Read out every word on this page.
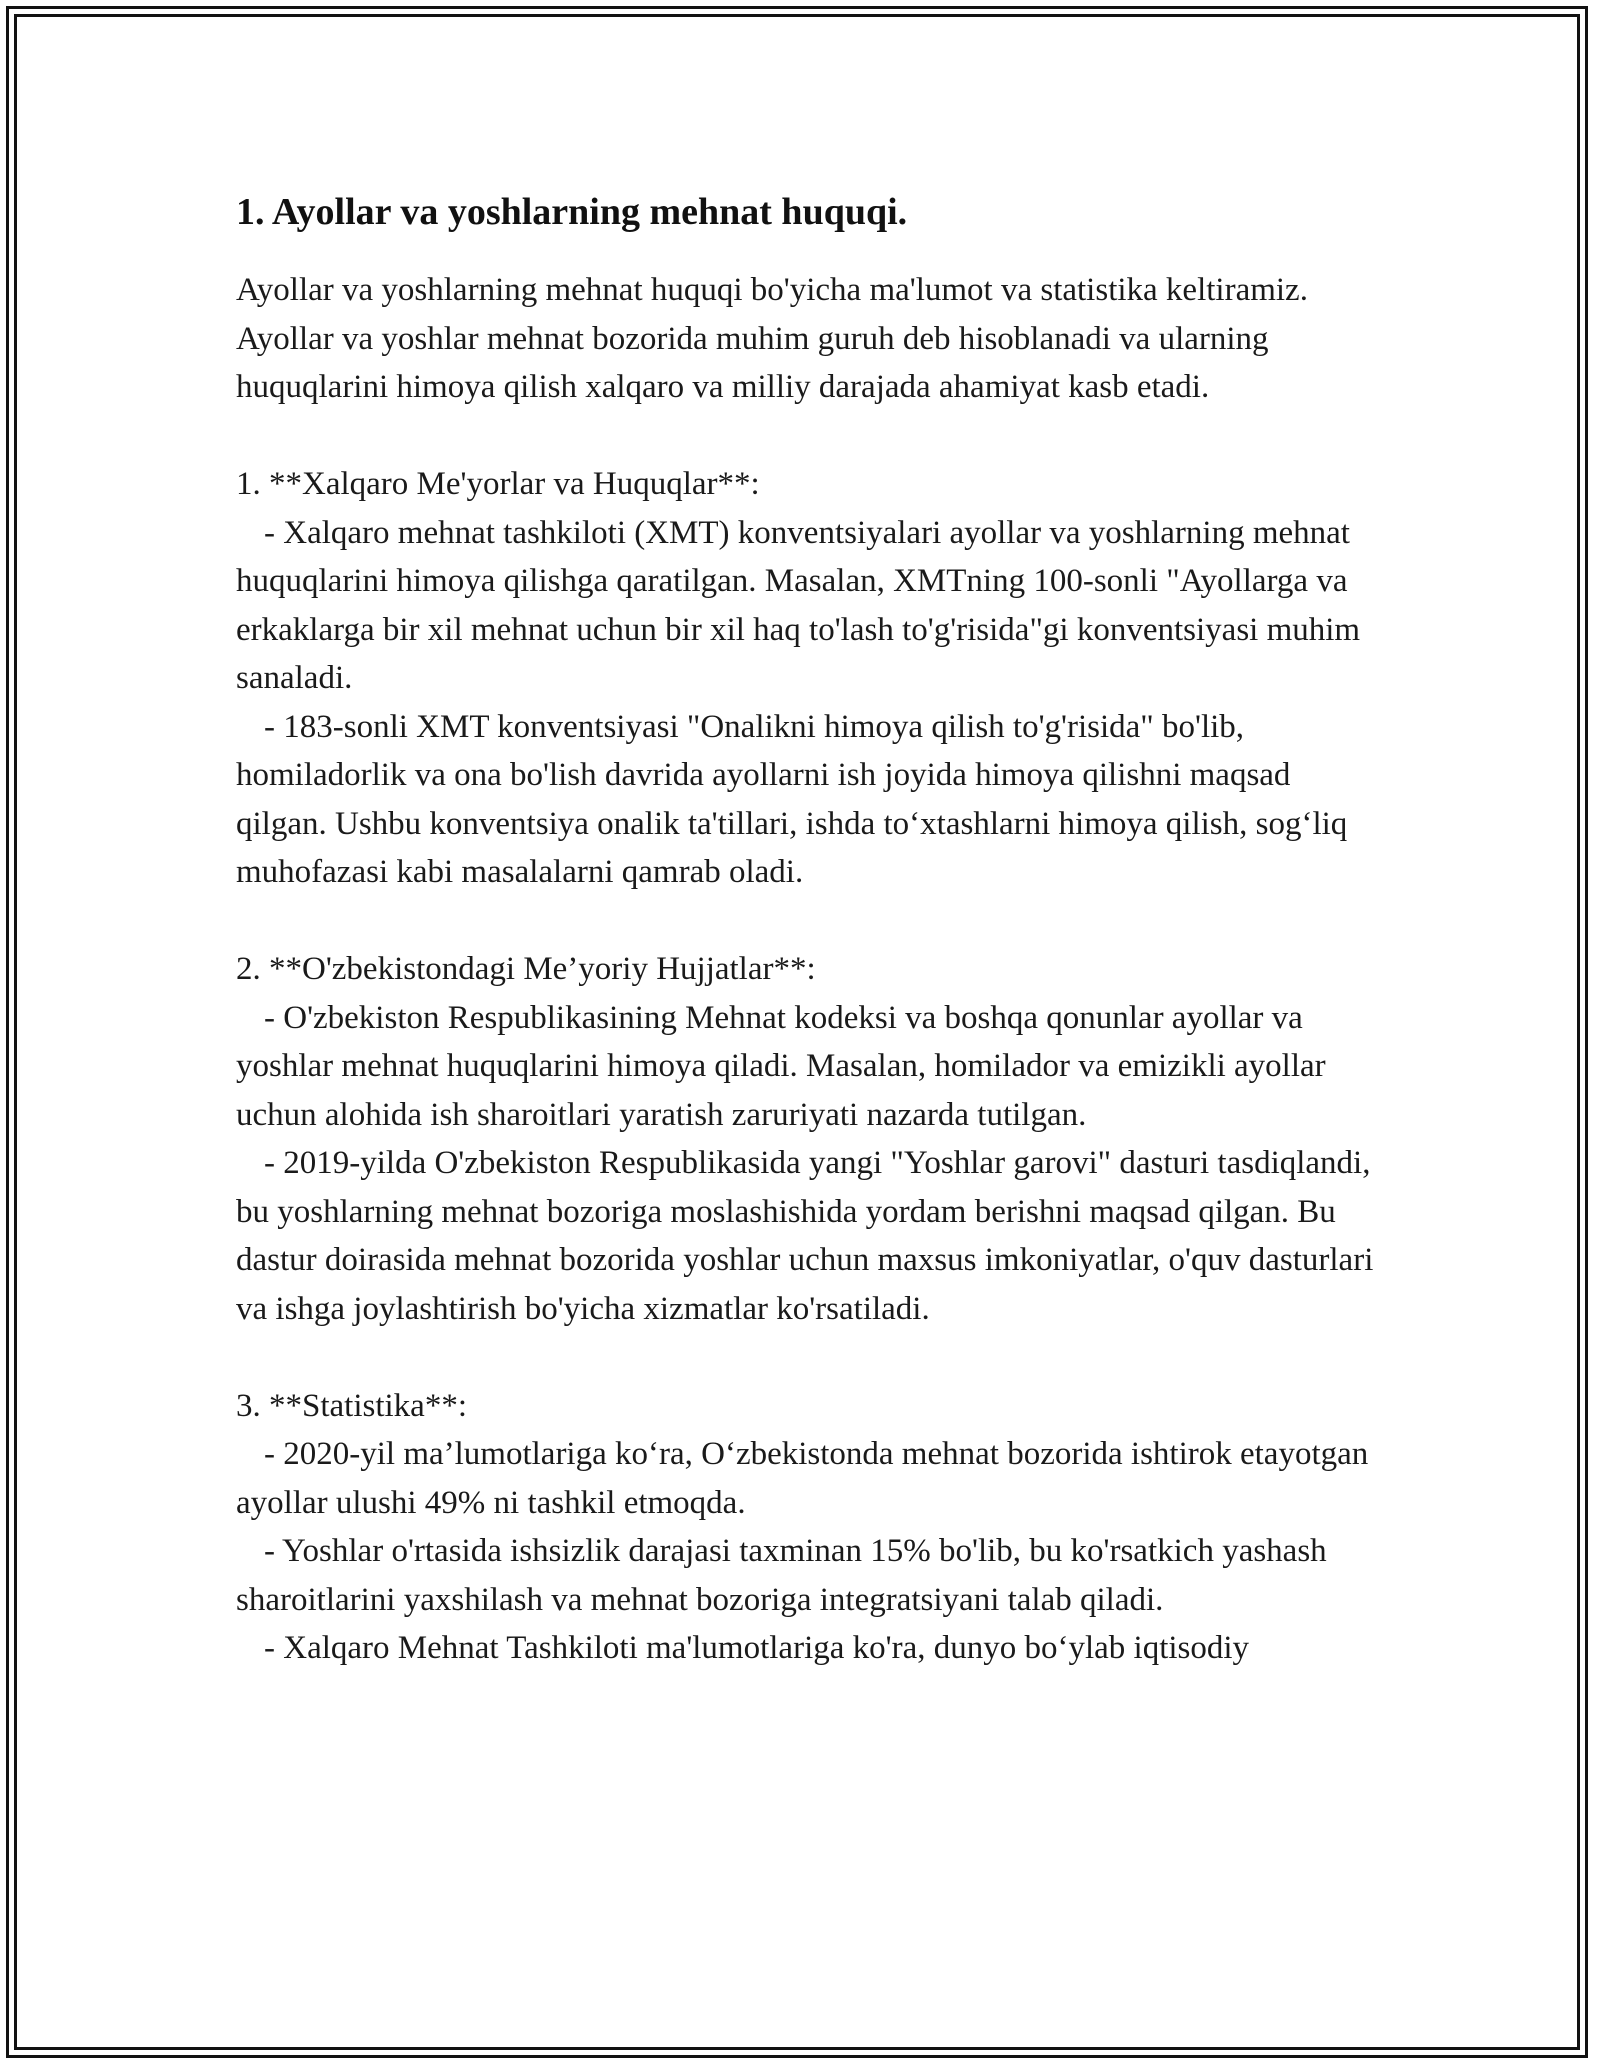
1. Ayollar va yoshlarning mehnat huquqi.

Ayollar va yoshlarning mehnat huquqi bo'yicha ma'lumot va statistika keltiramiz. Ayollar va yoshlar mehnat bozorida muhim guruh deb hisoblanadi va ularning huquqlarini himoya qilish xalqaro va milliy darajada ahamiyat kasb etadi.

1. **Xalqaro Me'yorlar va Huquqlar**:

- Xalqaro mehnat tashkiloti (XMT) konventsiyalari ayollar va yoshlarning mehnat huquqlarini himoya qilishga qaratilgan. Masalan, XMTning 100-sonli "Ayollarga va erkaklarga bir xil mehnat uchun bir xil haq to'lash to'g'risida"gi konventsiyasi muhim sanaladi.

- 183-sonli XMT konventsiyasi "Onalikni himoya qilish to'g'risida" bo'lib, homiladorlik va ona bo'lish davrida ayollarni ish joyida himoya qilishni maqsad qilgan. Ushbu konventsiya onalik ta'tillari, ishda to‘xtashlarni himoya qilish, sog‘liq muhofazasi kabi masalalarni qamrab oladi.

2. **O'zbekistondagi Me’yoriy Hujjatlar**:

- O'zbekiston Respublikasining Mehnat kodeksi va boshqa qonunlar ayollar va yoshlar mehnat huquqlarini himoya qiladi. Masalan, homilador va emizikli ayollar uchun alohida ish sharoitlari yaratish zaruriyati nazarda tutilgan.

- 2019-yilda O'zbekiston Respublikasida yangi "Yoshlar garovi" dasturi tasdiqlandi, bu yoshlarning mehnat bozoriga moslashishida yordam berishni maqsad qilgan. Bu dastur doirasida mehnat bozorida yoshlar uchun maxsus imkoniyatlar, o'quv dasturlari va ishga joylashtirish bo'yicha xizmatlar ko'rsatiladi.

3. **Statistika**:

- 2020-yil ma’lumotlariga ko‘ra, O‘zbekistonda mehnat bozorida ishtirok etayotgan ayollar ulushi 49% ni tashkil etmoqda.

- Yoshlar o'rtasida ishsizlik darajasi taxminan 15% bo'lib, bu ko'rsatkich yashash sharoitlarini yaxshilash va mehnat bozoriga integratsiyani talab qiladi.

- Xalqaro Mehnat Tashkiloti ma'lumotlariga ko'ra, dunyo bo‘ylab iqtisodiy
